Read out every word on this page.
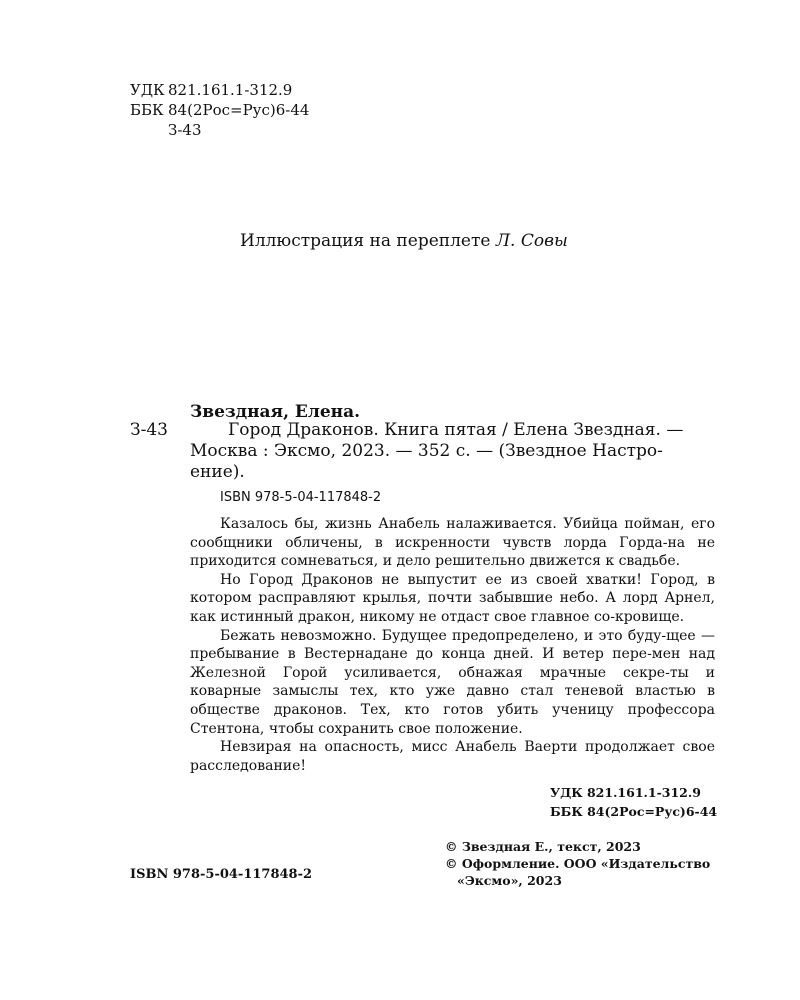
УДК 821.161.1-312.9
ББК 84(2Рос=Рус)6-44
З-43
Иллюстрация на переплете Л. Совы
Звездная, Елена.
З-43	Город Драконов. Книга пятая / Елена Звездная. —
Москва : Эксмо, 2023. — 352 с. — (Звездное Настро-
ение).
ISBN 978-5-04-117848-2

Казалось бы, жизнь Анабель налаживается. Убийца пойман, его сообщники обличены, в искренности чувств лорда Горда-на не приходится сомневаться, и дело решительно движется к свадьбе.

Но Город Драконов не выпустит ее из своей хватки! Город, в котором расправляют крылья, почти забывшие небо. А лорд Арнел, как истинный дракон, никому не отдаст свое главное со-кровище.

Бежать невозможно. Будущее предопределено, и это буду-щее — пребывание в Вестернадане до конца дней. И ветер пере-мен над Железной Горой усиливается, обнажая мрачные секре-ты и коварные замыслы тех, кто уже давно стал теневой властью в обществе драконов. Тех, кто готов убить ученицу профессора Стентона, чтобы сохранить свое положение.

Невзирая на опасность, мисс Анабель Ваерти продолжает свое расследование!

УДК 821.161.1-312.9
ББК 84(2Рос=Рус)6-44
© Звездная Е., текст, 2023
© Оформление. ООО «Издательство
«Эксмо», 2023
ISBN 978-5-04-117848-2
